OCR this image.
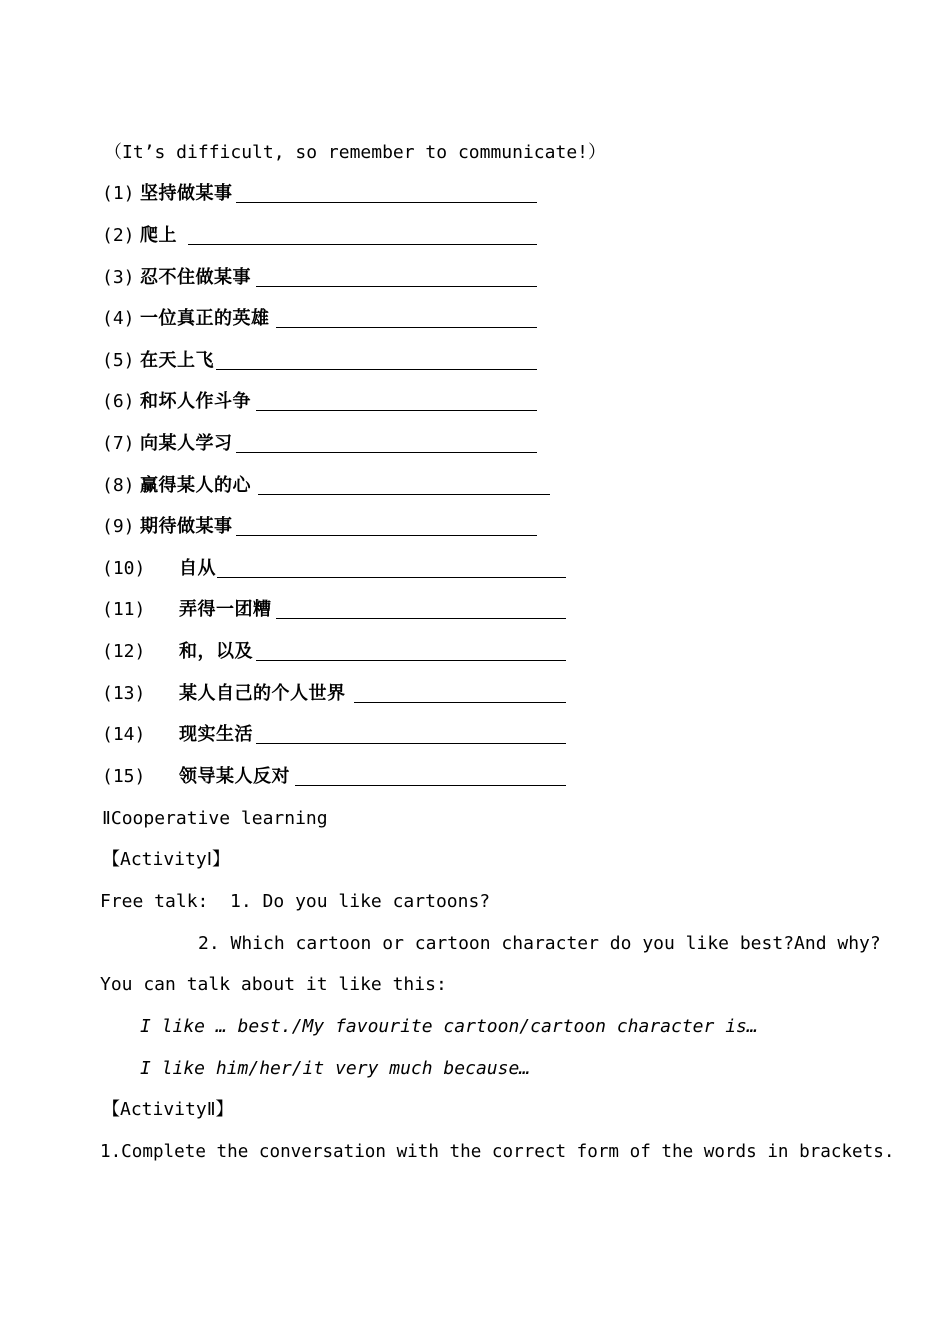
（It’s difficult, so remember to communicate!）
(1) 坚持做某事
(2) 爬上
(3) 忍不住做某事
(4) 一位真正的英雄
(5) 在天上飞
(6) 和坏人作斗争
(7) 向某人学习
(8) 赢得某人的心
(9) 期待做某事
(10) 自从
(11) 弄得一团糟
(12) 和，以及
(13) 某人自己的个人世界
(14) 现实生活
(15) 领导某人反对
ⅡCooperative learning
【ActivityⅠ】
Free talk:  1. Do you like cartoons?
2. Which cartoon or cartoon character do you like best?And why?
You can talk about it like this:
I like … best./My favourite cartoon/cartoon character is…
I like him/her/it very much because…
【ActivityⅡ】
1.Complete the conversation with the correct form of the words in brackets.
